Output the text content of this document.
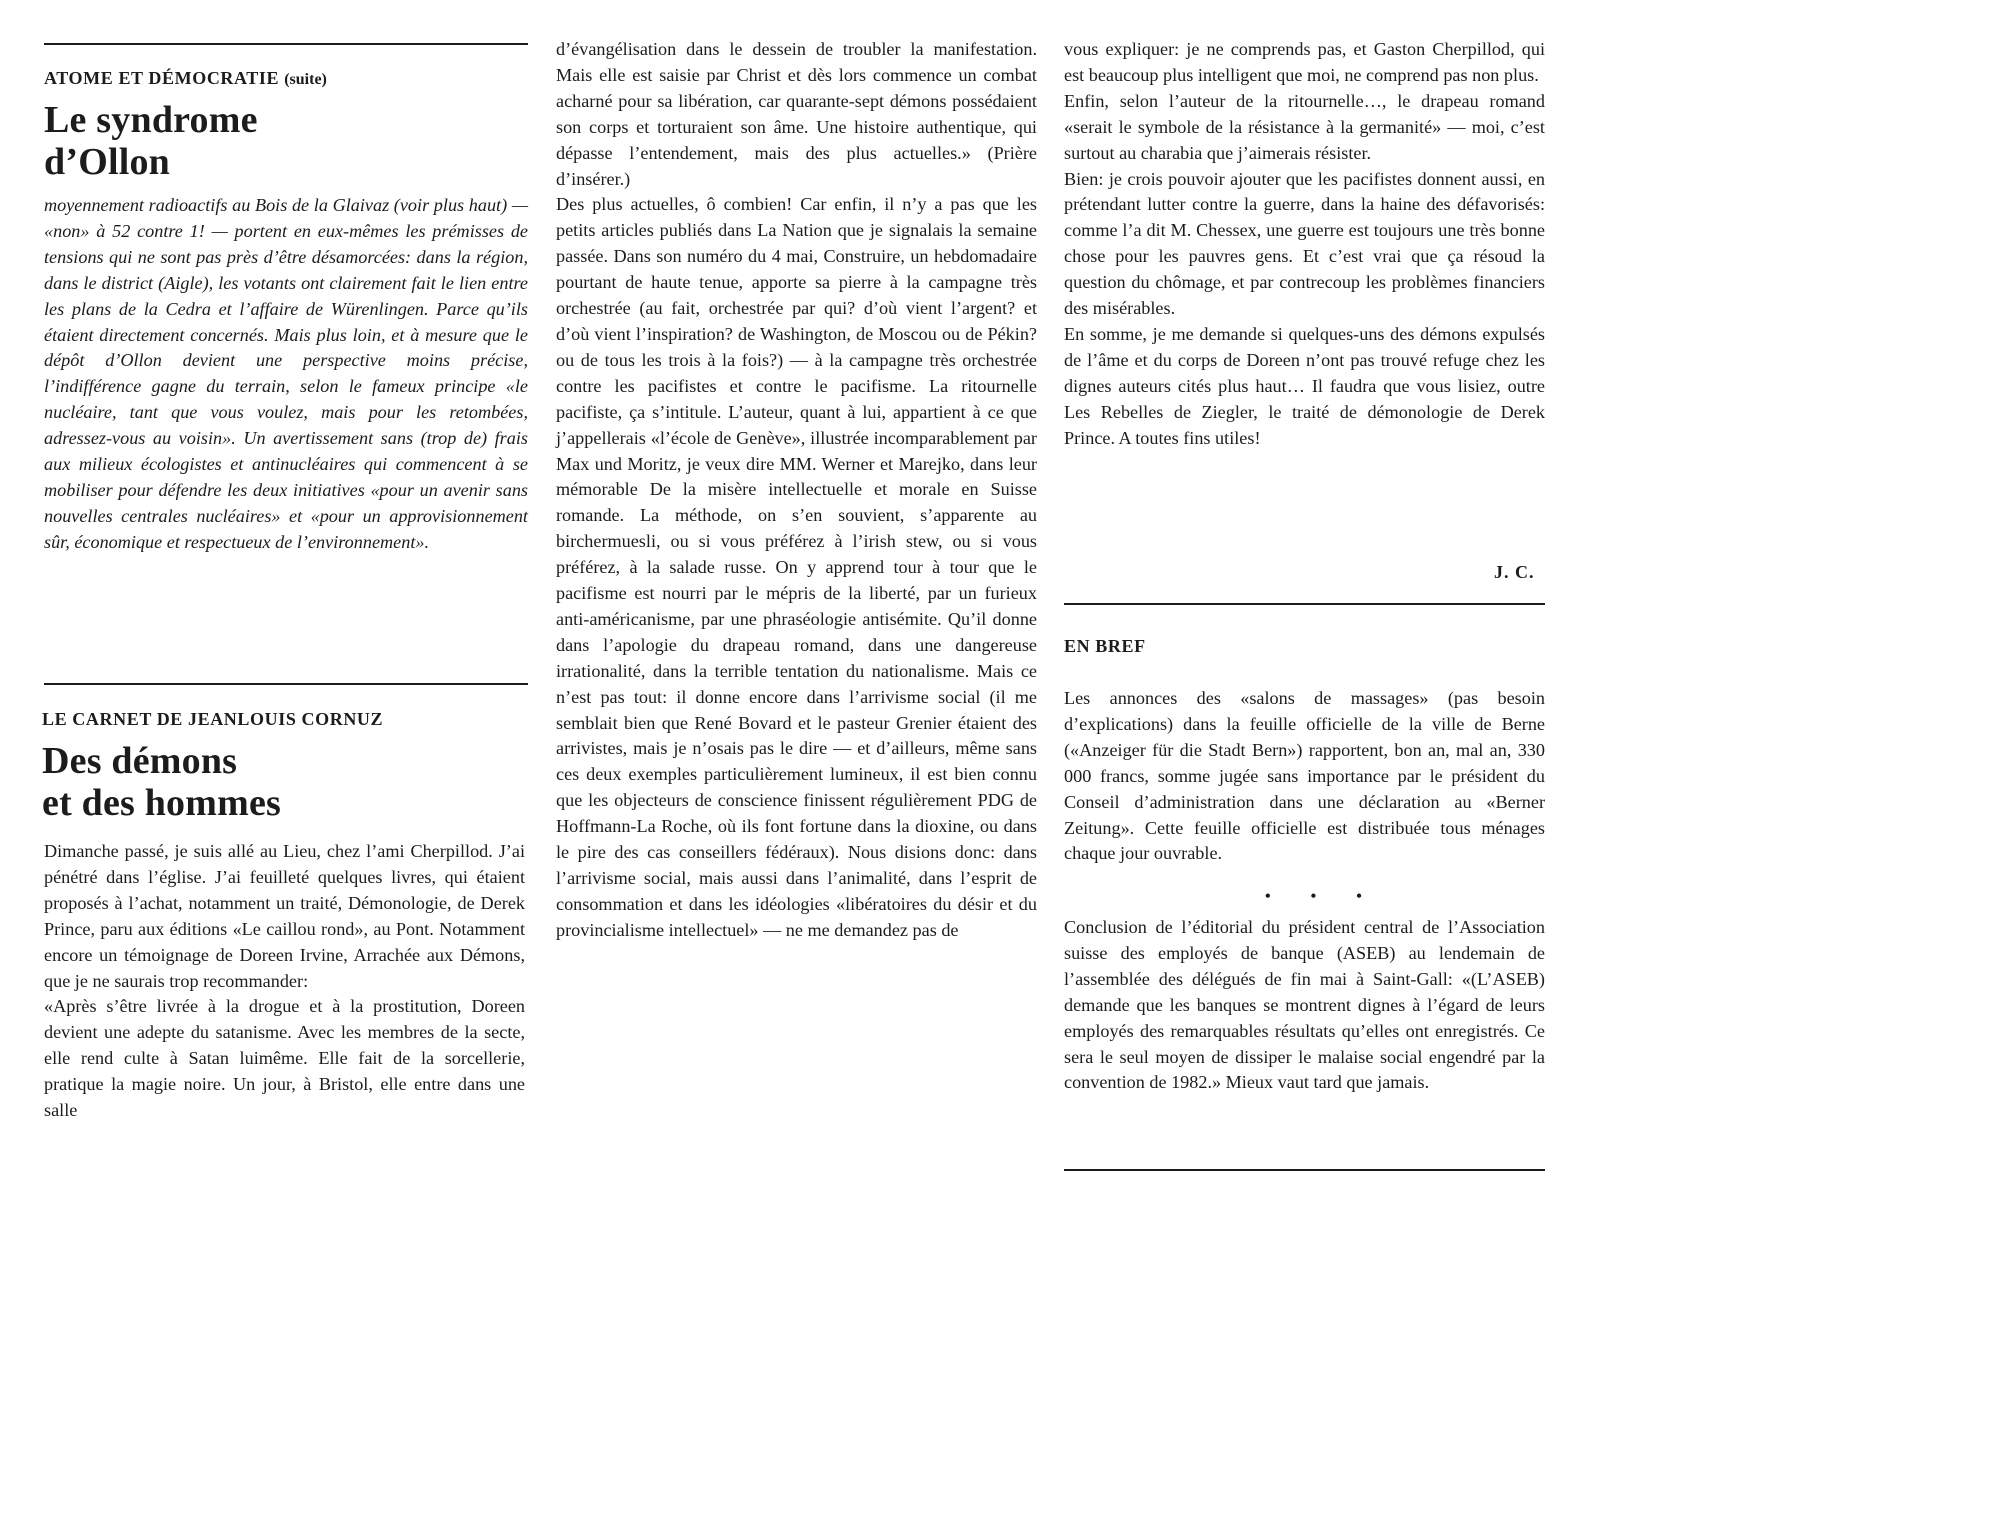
ATOME ET DÉMOCRATIE (suite)
Le syndrome
d’Ollon

moyennement radioactifs au Bois de la Glaivaz (voir plus haut) — «non» à 52 contre 1! — portent en eux-mêmes les prémisses de tensions qui ne sont pas près d’être désamorcées: dans la région, dans le district (Aigle), les votants ont clairement fait le lien entre les plans de la Cedra et l’affaire de Würenlingen. Parce qu’ils étaient directement concernés. Mais plus loin, et à mesure que le dépôt d’Ollon devient une perspective moins précise, l’indifférence gagne du terrain, selon le fameux principe «le nucléaire, tant que vous voulez, mais pour les retombées, adressez-vous au voisin». Un avertissement sans (trop de) frais aux milieux écologistes et antinucléaires qui commencent à se mobiliser pour défendre les deux initiatives «pour un avenir sans nouvelles centrales nucléaires» et «pour un approvisionnement sûr, économique et respectueux de l’environnement».

LE CARNET DE JEANLOUIS CORNUZ
Des démons
et des hommes

Dimanche passé, je suis allé au Lieu, chez l’ami Cherpillod. J’ai pénétré dans l’église. J’ai feuilleté quelques livres, qui étaient proposés à l’achat, notamment un traité, Démonologie, de Derek Prince, paru aux éditions «Le caillou rond», au Pont. Notamment encore un témoignage de Doreen Irvine, Arrachée aux Démons, que je ne saurais trop recommander:

«Après s’être livrée à la drogue et à la prostitution, Doreen devient une adepte du satanisme. Avec les membres de la secte, elle rend culte à Satan luimême. Elle fait de la sorcellerie, pratique la magie noire. Un jour, à Bristol, elle entre dans une salle

d’évangélisation dans le dessein de troubler la manifestation. Mais elle est saisie par Christ et dès lors commence un combat acharné pour sa libération, car quarante-sept démons possédaient son corps et torturaient son âme. Une histoire authentique, qui dépasse l’entendement, mais des plus actuelles.» (Prière d’insérer.)

Des plus actuelles, ô combien! Car enfin, il n’y a pas que les petits articles publiés dans La Nation que je signalais la semaine passée. Dans son numéro du 4 mai, Construire, un hebdomadaire pourtant de haute tenue, apporte sa pierre à la campagne très orchestrée (au fait, orchestrée par qui? d’où vient l’argent? et d’où vient l’inspiration? de Washington, de Moscou ou de Pékin? ou de tous les trois à la fois?) — à la campagne très orchestrée contre les pacifistes et contre le pacifisme. La ritournelle pacifiste, ça s’intitule. L’auteur, quant à lui, appartient à ce que j’appellerais «l’école de Genève», illustrée incomparablement par Max und Moritz, je veux dire MM. Werner et Marejko, dans leur mémorable De la misère intellectuelle et morale en Suisse romande. La méthode, on s’en souvient, s’apparente au birchermuesli, ou si vous préférez à l’irish stew, ou si vous préférez, à la salade russe. On y apprend tour à tour que le pacifisme est nourri par le mépris de la liberté, par un furieux anti-américanisme, par une phraséologie antisémite. Qu’il donne dans l’apologie du drapeau romand, dans une dangereuse irrationalité, dans la terrible tentation du nationalisme. Mais ce n’est pas tout: il donne encore dans l’arrivisme social (il me semblait bien que René Bovard et le pasteur Grenier étaient des arrivistes, mais je n’osais pas le dire — et d’ailleurs, même sans ces deux exemples particulièrement lumineux, il est bien connu que les objecteurs de conscience finissent régulièrement PDG de Hoffmann-La Roche, où ils font fortune dans la dioxine, ou dans le pire des cas conseillers fédéraux). Nous disions donc: dans l’arrivisme social, mais aussi dans l’animalité, dans l’esprit de consommation et dans les idéologies «libératoires du désir et du provincialisme intellectuel» — ne me demandez pas de

vous expliquer: je ne comprends pas, et Gaston Cherpillod, qui est beaucoup plus intelligent que moi, ne comprend pas non plus.

Enfin, selon l’auteur de la ritournelle…, le drapeau romand «serait le symbole de la résistance à la germanité» — moi, c’est surtout au charabia que j’aimerais résister.

Bien: je crois pouvoir ajouter que les pacifistes donnent aussi, en prétendant lutter contre la guerre, dans la haine des défavorisés: comme l’a dit M. Chessex, une guerre est toujours une très bonne chose pour les pauvres gens. Et c’est vrai que ça résoud la question du chômage, et par contrecoup les problèmes financiers des misérables.

En somme, je me demande si quelques-uns des démons expulsés de l’âme et du corps de Doreen n’ont pas trouvé refuge chez les dignes auteurs cités plus haut… Il faudra que vous lisiez, outre Les Rebelles de Ziegler, le traité de démonologie de Derek Prince. A toutes fins utiles!

J. C.
EN BREF

Les annonces des «salons de massages» (pas besoin d’explications) dans la feuille officielle de la ville de Berne («Anzeiger für die Stadt Bern») rapportent, bon an, mal an, 330 000 francs, somme jugée sans importance par le président du Conseil d’administration dans une déclaration au «Berner Zeitung». Cette feuille officielle est distribuée tous ménages chaque jour ouvrable.

• • •

Conclusion de l’éditorial du président central de l’Association suisse des employés de banque (ASEB) au lendemain de l’assemblée des délégués de fin mai à Saint-Gall: «(L’ASEB) demande que les banques se montrent dignes à l’égard de leurs employés des remarquables résultats qu’elles ont enregistrés. Ce sera le seul moyen de dissiper le malaise social engendré par la convention de 1982.» Mieux vaut tard que jamais.
